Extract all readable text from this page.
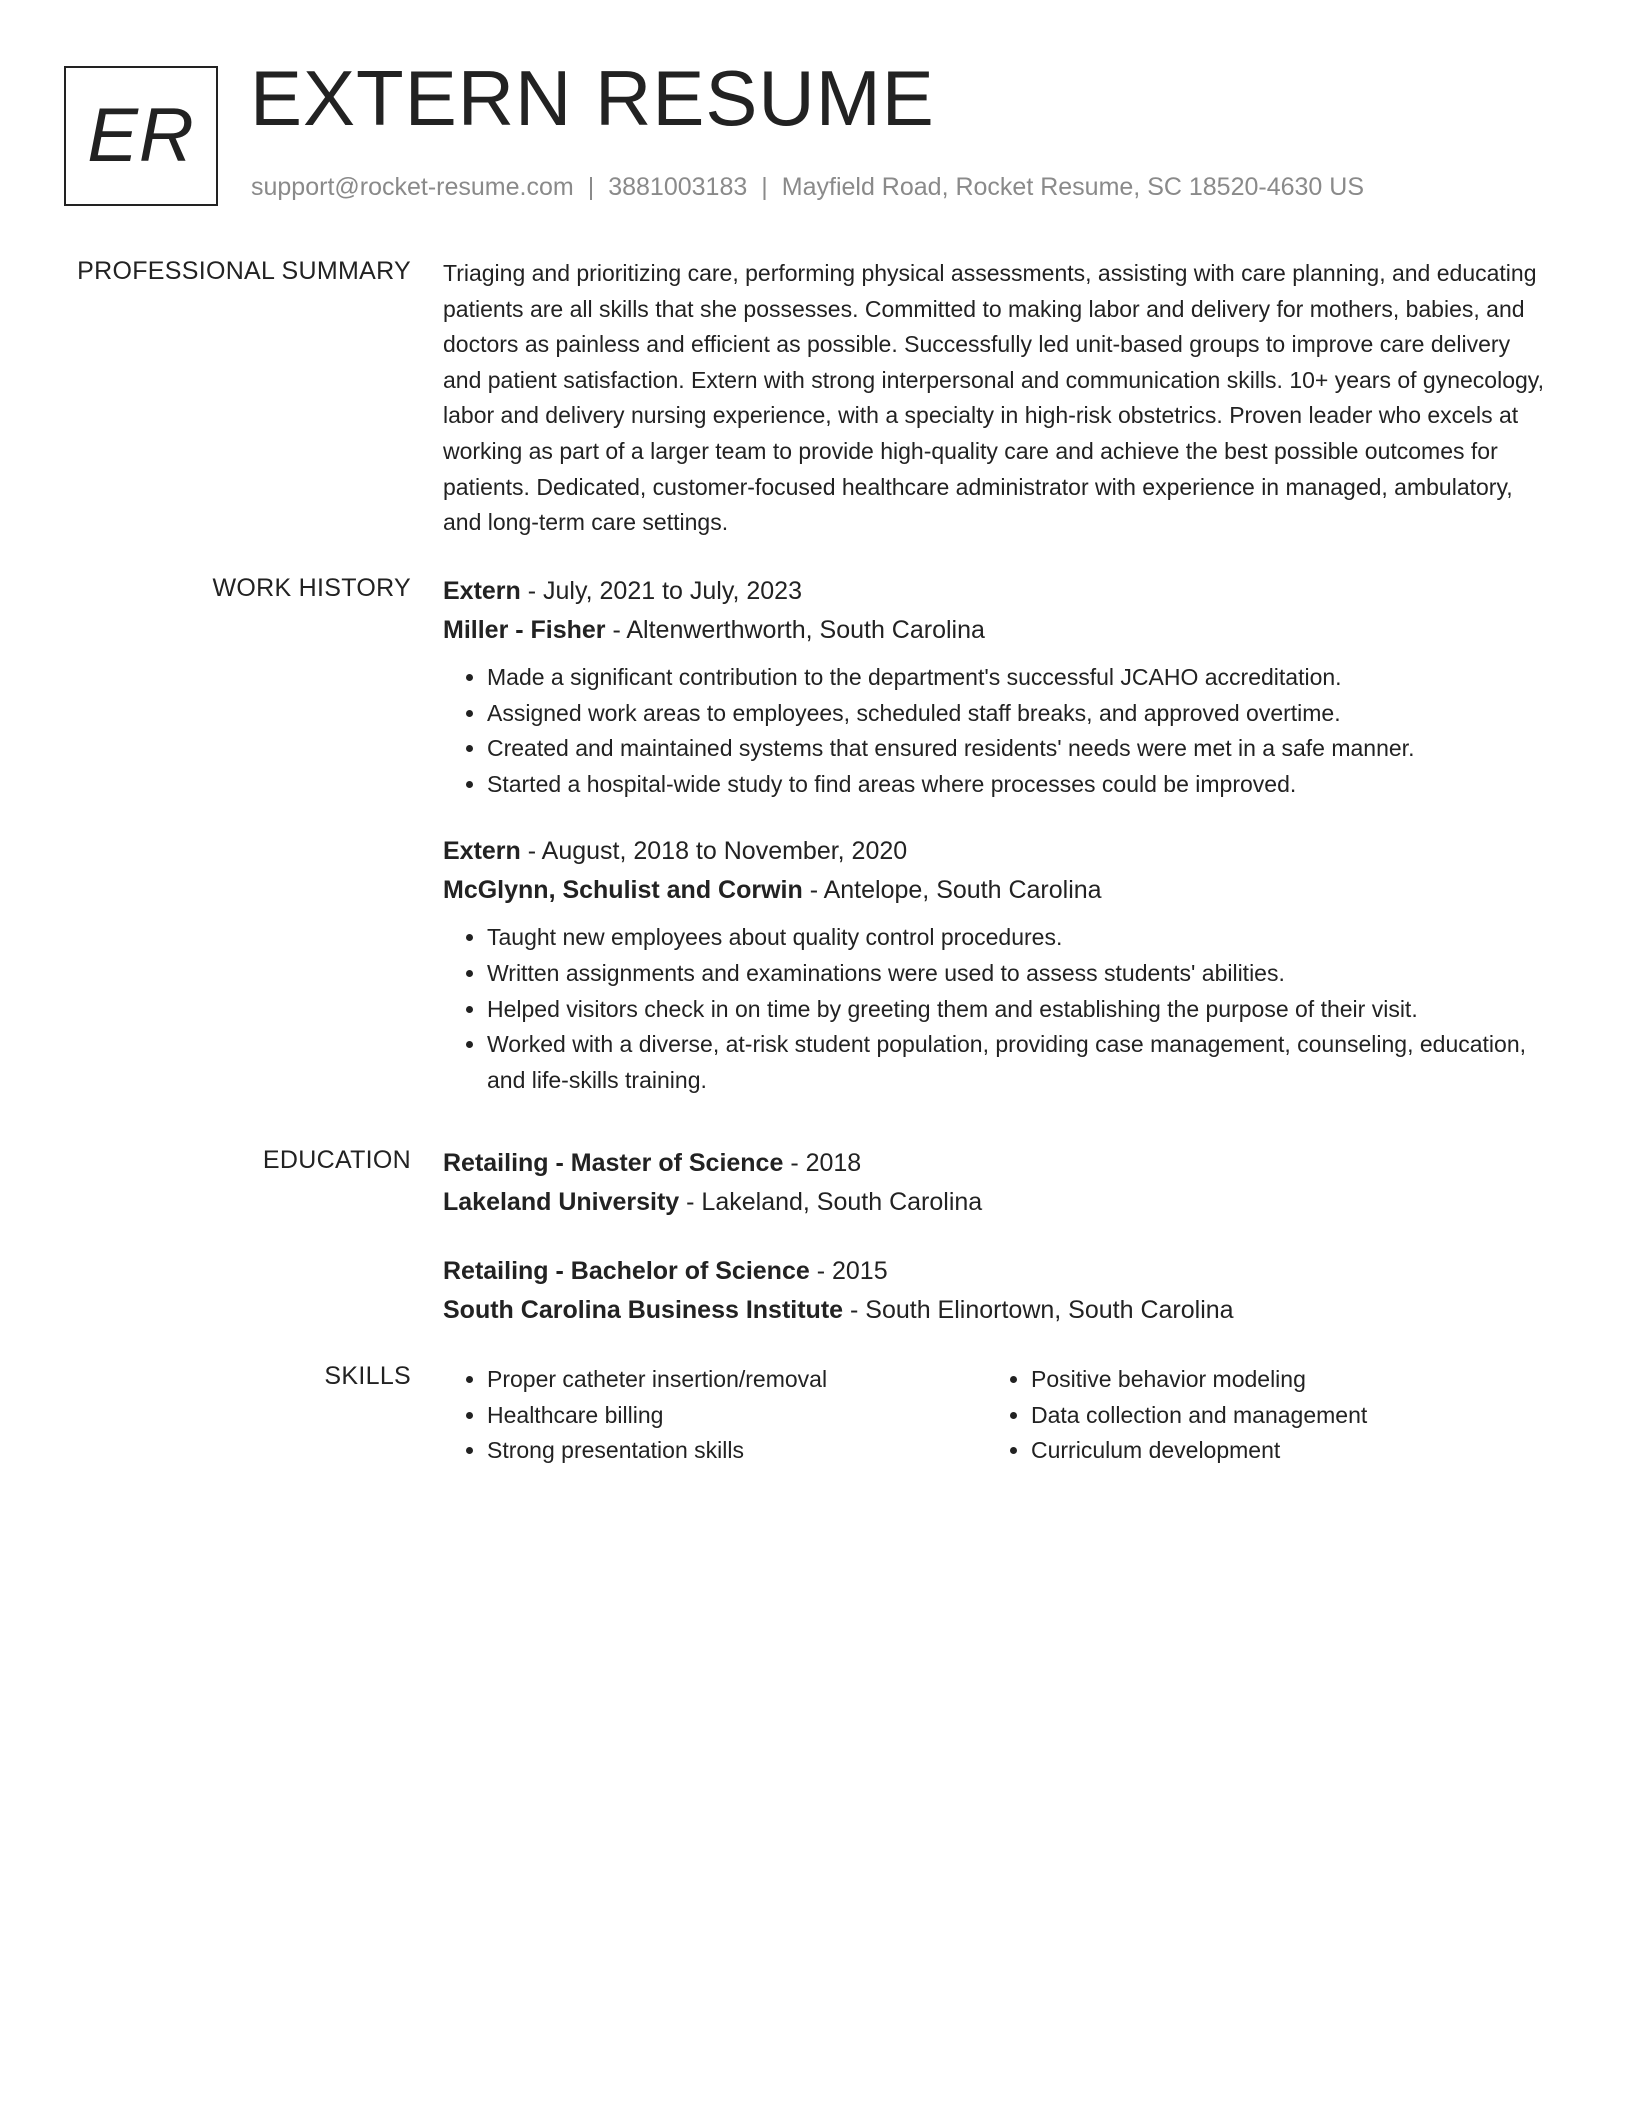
ER EXTERN RESUME
support@rocket-resume.com | 3881003183 | Mayfield Road, Rocket Resume, SC 18520-4630 US
PROFESSIONAL SUMMARY Triaging and prioritizing care, performing physical assessments, assisting with care planning, and educating patients are all skills that she possesses. Committed to making labor and delivery for mothers, babies, and doctors as painless and efficient as possible. Successfully led unit-based groups to improve care delivery and patient satisfaction. Extern with strong interpersonal and communication skills. 10+ years of gynecology, labor and delivery nursing experience, with a specialty in high-risk obstetrics. Proven leader who excels at working as part of a larger team to provide high-quality care and achieve the best possible outcomes for patients. Dedicated, customer-focused healthcare administrator with experience in managed, ambulatory, and long-term care settings.

WORK HISTORY Extern - July, 2021 to July, 2023
Miller - Fisher - Altenwerthworth, South Carolina
• Made a significant contribution to the department's successful JCAHO accreditation.
• Assigned work areas to employees, scheduled staff breaks, and approved overtime.
• Created and maintained systems that ensured residents' needs were met in a safe manner.
• Started a hospital-wide study to find areas where processes could be improved.
Extern - August, 2018 to November, 2020
McGlynn, Schulist and Corwin - Antelope, South Carolina
• Taught new employees about quality control procedures.
• Written assignments and examinations were used to assess students' abilities.
• Helped visitors check in on time by greeting them and establishing the purpose of their visit.
• Worked with a diverse, at-risk student population, providing case management, counseling, education, and life-skills training.
EDUCATION Retailing - Master of Science - 2018
Lakeland University - Lakeland, South Carolina
Retailing - Bachelor of Science - 2015
South Carolina Business Institute - South Elinortown, South Carolina
SKILLS
•	Proper catheter insertion/removal
• Healthcare billing
• Strong presentation skills
• Positive behavior modeling
• Data collection and management
• Curriculum development
